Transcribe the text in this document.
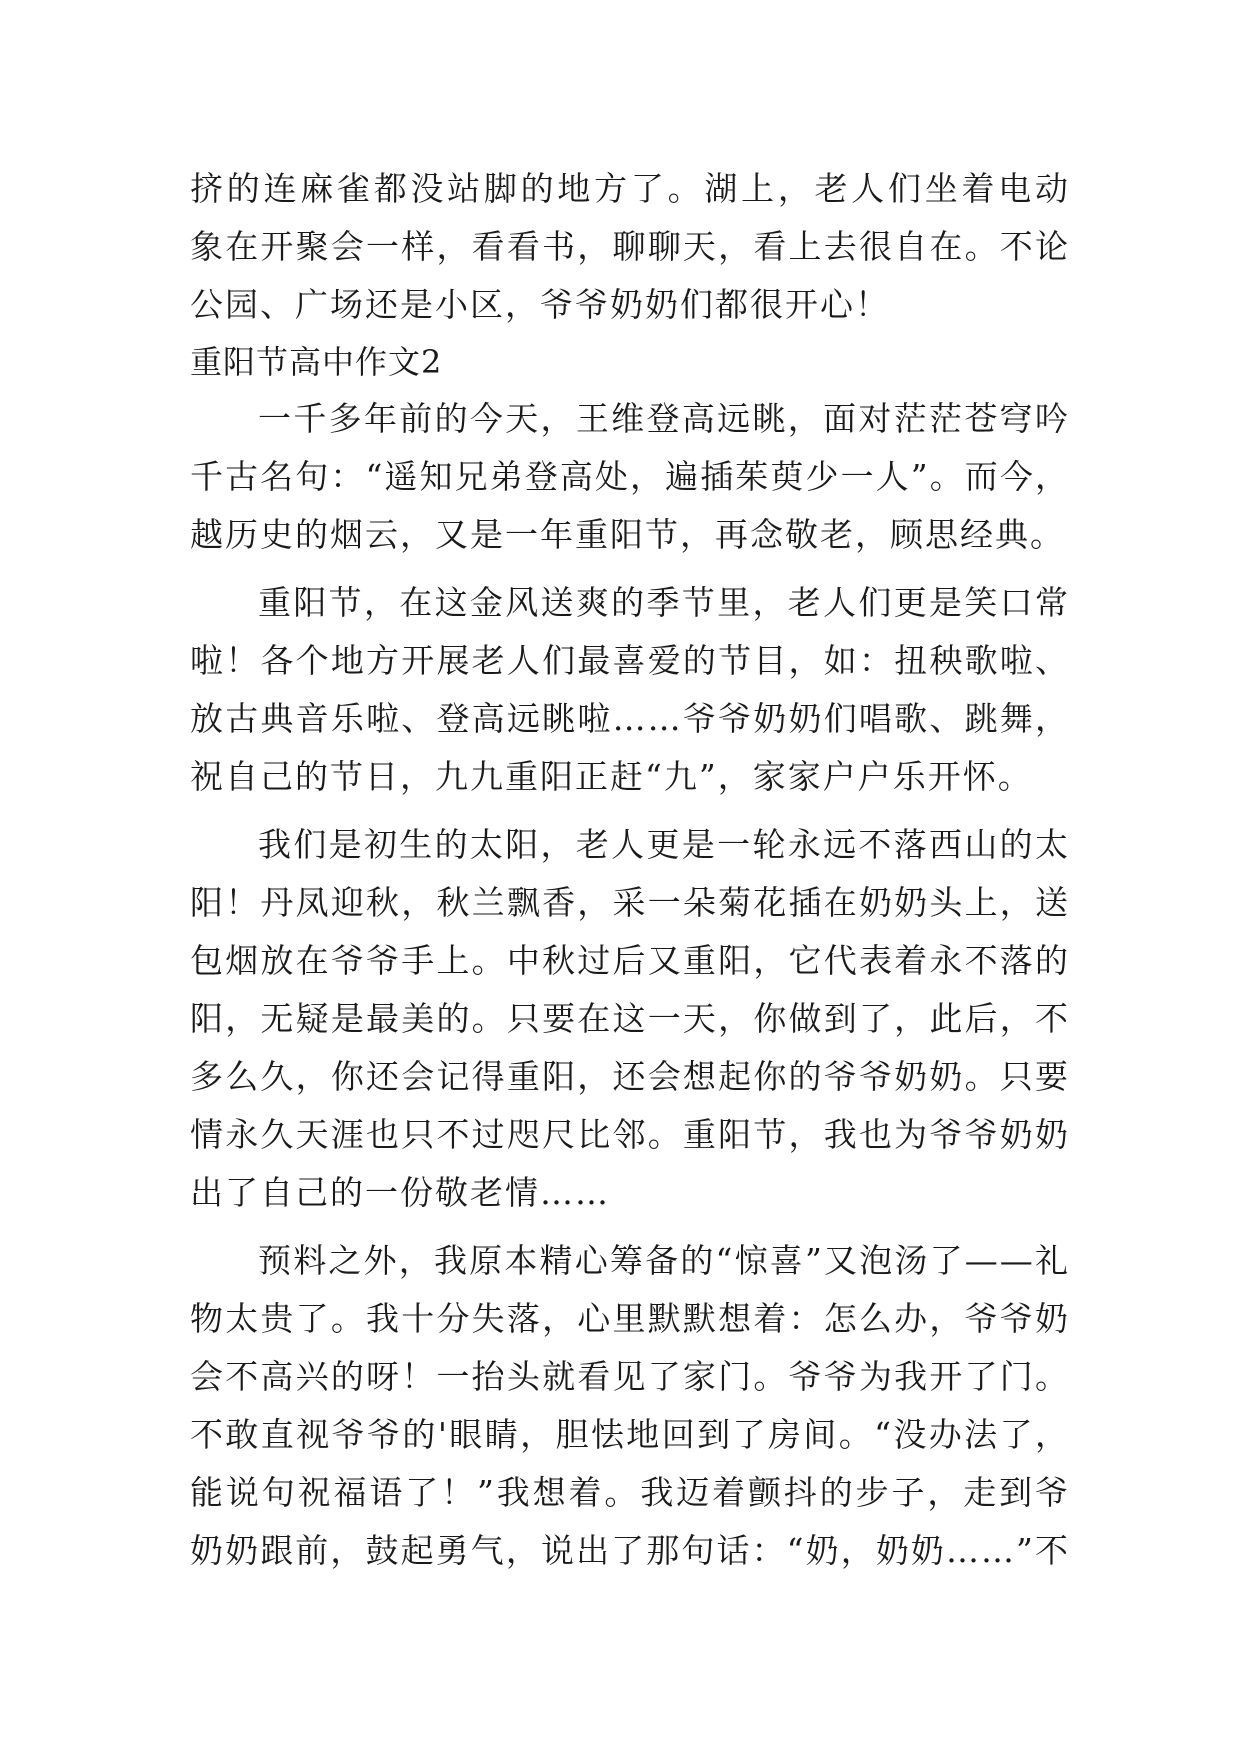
挤的连麻雀都没站脚的地方了。湖上，老人们坐着电动
象在开聚会一样，看看书，聊聊天，看上去很自在。不论
公园、广场还是小区，爷爷奶奶们都很开心！
重阳节高中作文2
一千多年前的今天，王维登高远眺，面对茫茫苍穹吟
千古名句：“遥知兄弟登高处，遍插茱萸少一人”。而今，
越历史的烟云，又是一年重阳节，再念敬老，顾思经典。
重阳节，在这金风送爽的季节里，老人们更是笑口常
啦！各个地方开展老人们最喜爱的节目，如：扭秧歌啦、
放古典音乐啦、登高远眺啦……爷爷奶奶们唱歌、跳舞，
祝自己的节日，九九重阳正赶“九”，家家户户乐开怀。
我们是初生的太阳，老人更是一轮永远不落西山的太
阳！丹凤迎秋，秋兰飘香，采一朵菊花插在奶奶头上，送
包烟放在爷爷手上。中秋过后又重阳，它代表着永不落的
阳，无疑是最美的。只要在这一天，你做到了，此后，不
多么久，你还会记得重阳，还会想起你的爷爷奶奶。只要
情永久天涯也只不过咫尺比邻。重阳节，我也为爷爷奶奶
出了自己的一份敬老情……
预料之外，我原本精心筹备的“惊喜”又泡汤了——礼
物太贵了。我十分失落，心里默默想着：怎么办，爷爷奶
会不高兴的呀！一抬头就看见了家门。爷爷为我开了门。
不敢直视爷爷的'眼睛，胆怯地回到了房间。“没办法了，
能说句祝福语了！”我想着。我迈着颤抖的步子，走到爷
奶奶跟前，鼓起勇气，说出了那句话：“奶，奶奶……”不
